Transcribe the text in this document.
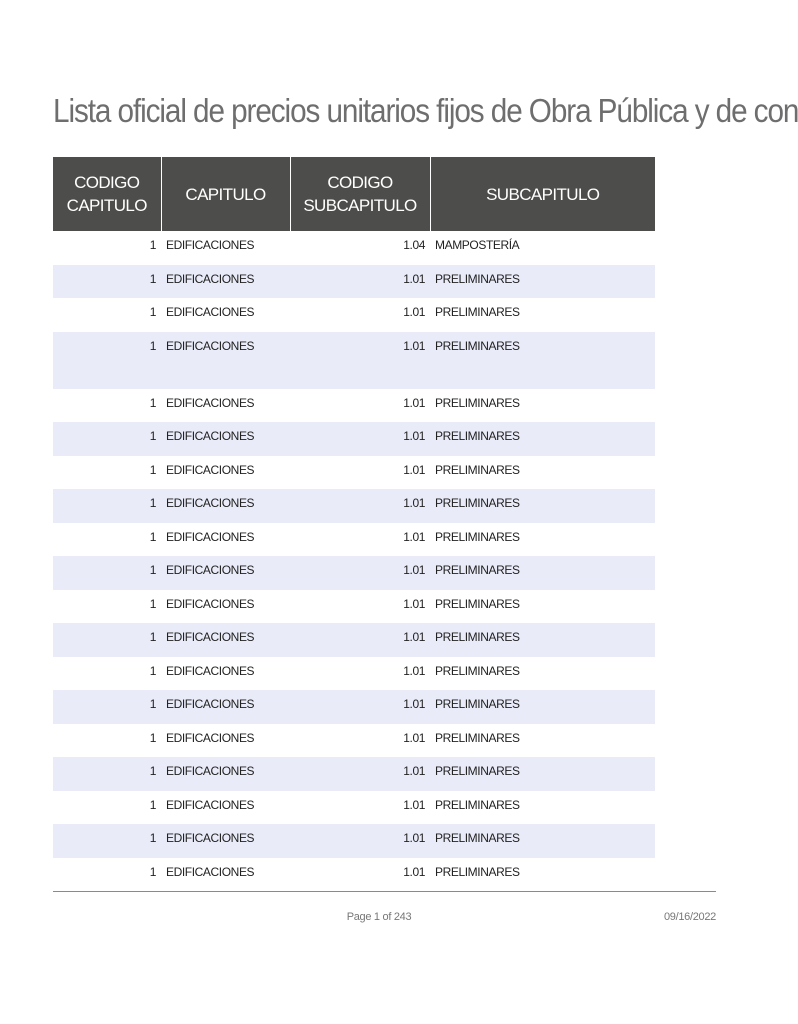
Lista oficial de precios unitarios fijos de Obra Pública y de con
CODIGO CAPITULO	CAPITULO	CODIGO SUBCAPITULO	SUBCAPITULO
1	EDIFICACIONES	1.04	MAMPOSTERÍA
1	EDIFICACIONES	1.01	PRELIMINARES
1	EDIFICACIONES	1.01	PRELIMINARES
1	EDIFICACIONES	1.01	PRELIMINARES
1	EDIFICACIONES	1.01	PRELIMINARES
1	EDIFICACIONES	1.01	PRELIMINARES
1	EDIFICACIONES	1.01	PRELIMINARES
1	EDIFICACIONES	1.01	PRELIMINARES
1	EDIFICACIONES	1.01	PRELIMINARES
1	EDIFICACIONES	1.01	PRELIMINARES
1	EDIFICACIONES	1.01	PRELIMINARES
1	EDIFICACIONES	1.01	PRELIMINARES
1	EDIFICACIONES	1.01	PRELIMINARES
1	EDIFICACIONES	1.01	PRELIMINARES
1	EDIFICACIONES	1.01	PRELIMINARES
1	EDIFICACIONES	1.01	PRELIMINARES
1	EDIFICACIONES	1.01	PRELIMINARES
1	EDIFICACIONES	1.01	PRELIMINARES
1	EDIFICACIONES	1.01	PRELIMINARES
Page 1 of 243	09/16/2022
